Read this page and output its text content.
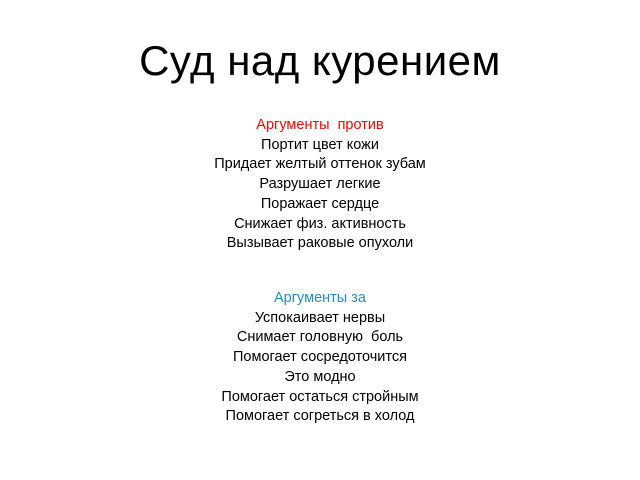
Суд над курением
Аргументы  против
Портит цвет кожи
Придает желтый оттенок зубам
Разрушает легкие
Поражает сердце
Снижает физ. активность
Вызывает раковые опухоли
Аргументы за
Успокаивает нервы
Снимает головную  боль
Помогает сосредоточится
Это модно
Помогает остаться стройным
Помогает согреться в холод
